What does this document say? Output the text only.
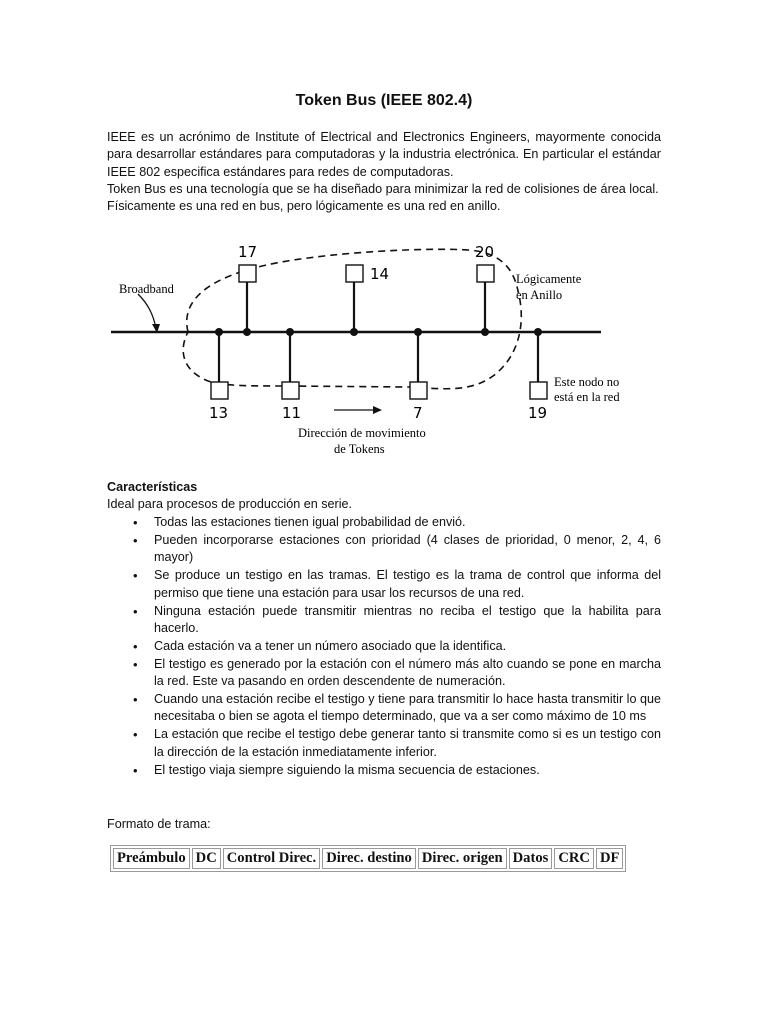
Token Bus (IEEE 802.4)

IEEE es un acrónimo de Institute of Electrical and Electronics Engineers, mayormente conocida para desarrollar estándares para computadoras y la industria electrónica. En particular el estándar IEEE 802 especifica estándares para redes de computadoras.

Token Bus es una tecnología que se ha diseñado para minimizar la red de colisiones de área local. Físicamente es una red en bus, pero lógicamente es una red en anillo.

17
14
20
13	11	7	19
Broadband
Lógicamente
en Anillo
Este nodo no
está en la red
Dirección de movimiento
de Tokens
Características
Ideal para procesos de producción en serie.
• Todas las estaciones tienen igual probabilidad de envió.
• Pueden incorporarse estaciones con prioridad (4 clases de prioridad, 0 menor, 2, 4, 6 mayor)
• Se produce un testigo en las tramas. El testigo es la trama de control que informa del permiso que tiene una estación para usar los recursos de una red.
• Ninguna estación puede transmitir mientras no reciba el testigo que la habilita para hacerlo.
• Cada estación va a tener un número asociado que la identifica.
• El testigo es generado por la estación con el número más alto cuando se pone en marcha la red. Este va pasando en orden descendente de numeración.
• Cuando una estación recibe el testigo y tiene para transmitir lo hace hasta transmitir lo que necesitaba o bien se agota el tiempo determinado, que va a ser como máximo de 10 ms
• La estación que recibe el testigo debe generar tanto si transmite como si es un testigo con la dirección de la estación inmediatamente inferior.
• El testigo viaja siempre siguiendo la misma secuencia de estaciones.
Formato de trama:
Preámbulo	DC	Control Direc.	Direc. destino	Direc. origen	Datos	CRC	DF
